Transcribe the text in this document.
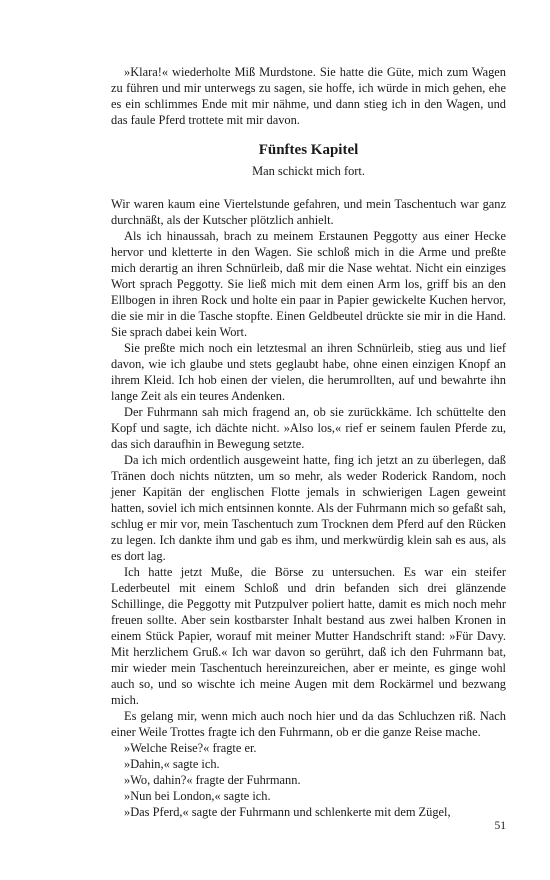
»Klara!« wiederholte Miß Murdstone. Sie hatte die Güte, mich zum Wagen zu führen und mir unterwegs zu sagen, sie hoffe, ich würde in mich gehen, ehe es ein schlimmes Ende mit mir nähme, und dann stieg ich in den Wagen, und das faule Pferd trottete mit mir davon.

Fünftes Kapitel
Man schickt mich fort.

Wir waren kaum eine Viertelstunde gefahren, und mein Taschentuch war ganz durchnäßt, als der Kutscher plötzlich anhielt.

Als ich hinaussah, brach zu meinem Erstaunen Peggotty aus einer Hecke hervor und kletterte in den Wagen. Sie schloß mich in die Arme und preßte mich derartig an ihren Schnürleib, daß mir die Nase wehtat. Nicht ein einziges Wort sprach Peggotty. Sie ließ mich mit dem einen Arm los, griff bis an den Ellbogen in ihren Rock und holte ein paar in Papier gewickelte Kuchen hervor, die sie mir in die Tasche stopfte. Einen Geldbeutel drückte sie mir in die Hand. Sie sprach dabei kein Wort.

Sie preßte mich noch ein letztesmal an ihren Schnürleib, stieg aus und lief davon, wie ich glaube und stets geglaubt habe, ohne einen einzigen Knopf an ihrem Kleid. Ich hob einen der vielen, die herumrollten, auf und bewahrte ihn lange Zeit als ein teures Andenken.

Der Fuhrmann sah mich fragend an, ob sie zurückkäme. Ich schüttelte den Kopf und sagte, ich dächte nicht. »Also los,« rief er seinem faulen Pferde zu, das sich daraufhin in Bewegung setzte.

Da ich mich ordentlich ausgeweint hatte, fing ich jetzt an zu überlegen, daß Tränen doch nichts nützten, um so mehr, als weder Roderick Random, noch jener Kapitän der englischen Flotte jemals in schwierigen Lagen geweint hatten, soviel ich mich entsinnen konnte. Als der Fuhrmann mich so gefaßt sah, schlug er mir vor, mein Taschentuch zum Trocknen dem Pferd auf den Rücken zu legen. Ich dankte ihm und gab es ihm, und merkwürdig klein sah es aus, als es dort lag.

Ich hatte jetzt Muße, die Börse zu untersuchen. Es war ein steifer Lederbeutel mit einem Schloß und drin befanden sich drei glänzende Schillinge, die Peggotty mit Putzpulver poliert hatte, damit es mich noch mehr freuen sollte. Aber sein kostbarster Inhalt bestand aus zwei halben Kronen in einem Stück Papier, worauf mit meiner Mutter Handschrift stand: »Für Davy. Mit herzlichem Gruß.« Ich war davon so gerührt, daß ich den Fuhrmann bat, mir wieder mein Taschentuch hereinzureichen, aber er meinte, es ginge wohl auch so, und so wischte ich meine Augen mit dem Rockärmel und bezwang mich.

Es gelang mir, wenn mich auch noch hier und da das Schluchzen riß. Nach einer Weile Trottes fragte ich den Fuhrmann, ob er die ganze Reise mache.

»Welche Reise?« fragte er.

»Dahin,« sagte ich.

»Wo, dahin?« fragte der Fuhrmann.

»Nun bei London,« sagte ich.

»Das Pferd,« sagte der Fuhrmann und schlenkerte mit dem Zügel,

51
